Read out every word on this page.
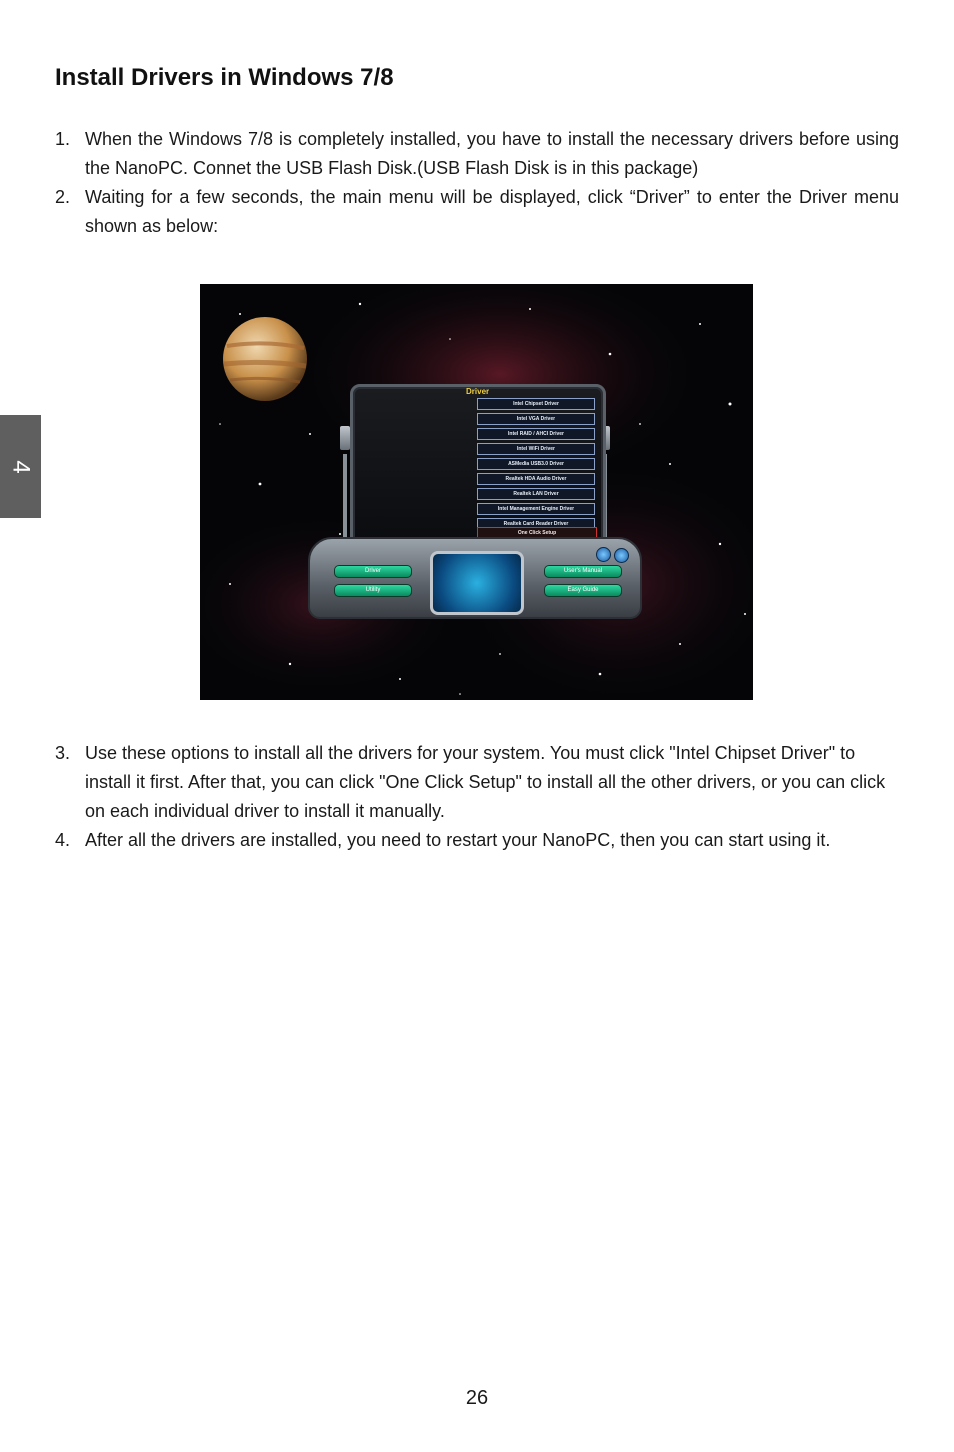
4
Install Drivers in Windows 7/8
1. When the Windows 7/8 is completely installed, you have to install the necessary drivers before using the NanoPC. Connet the USB Flash Disk.(USB Flash Disk is in this package)
2. Waiting for a few seconds, the main menu will be displayed, click “Driver” to enter the Driver menu shown as below:
Driver
Intel Chipset Driver
Intel VGA Driver
Intel RAID / AHCI Driver
Intel WiFi Driver
ASMedia USB3.0 Driver
Realtek HDA Audio Driver
Realtek LAN Driver
Intel Management Engine Driver
Realtek Card Reader Driver
One Click Setup
Driver
Utility
User's Manual
Easy Guide
3. Use these options to install all the drivers for your system. You must click "Intel Chipset Driver" to install it first. After that, you can click "One Click Setup" to install all the other drivers, or you can click on each individual driver to install it manually.
4. After all the drivers are installed, you need to restart your NanoPC, then you can start using it.
26
